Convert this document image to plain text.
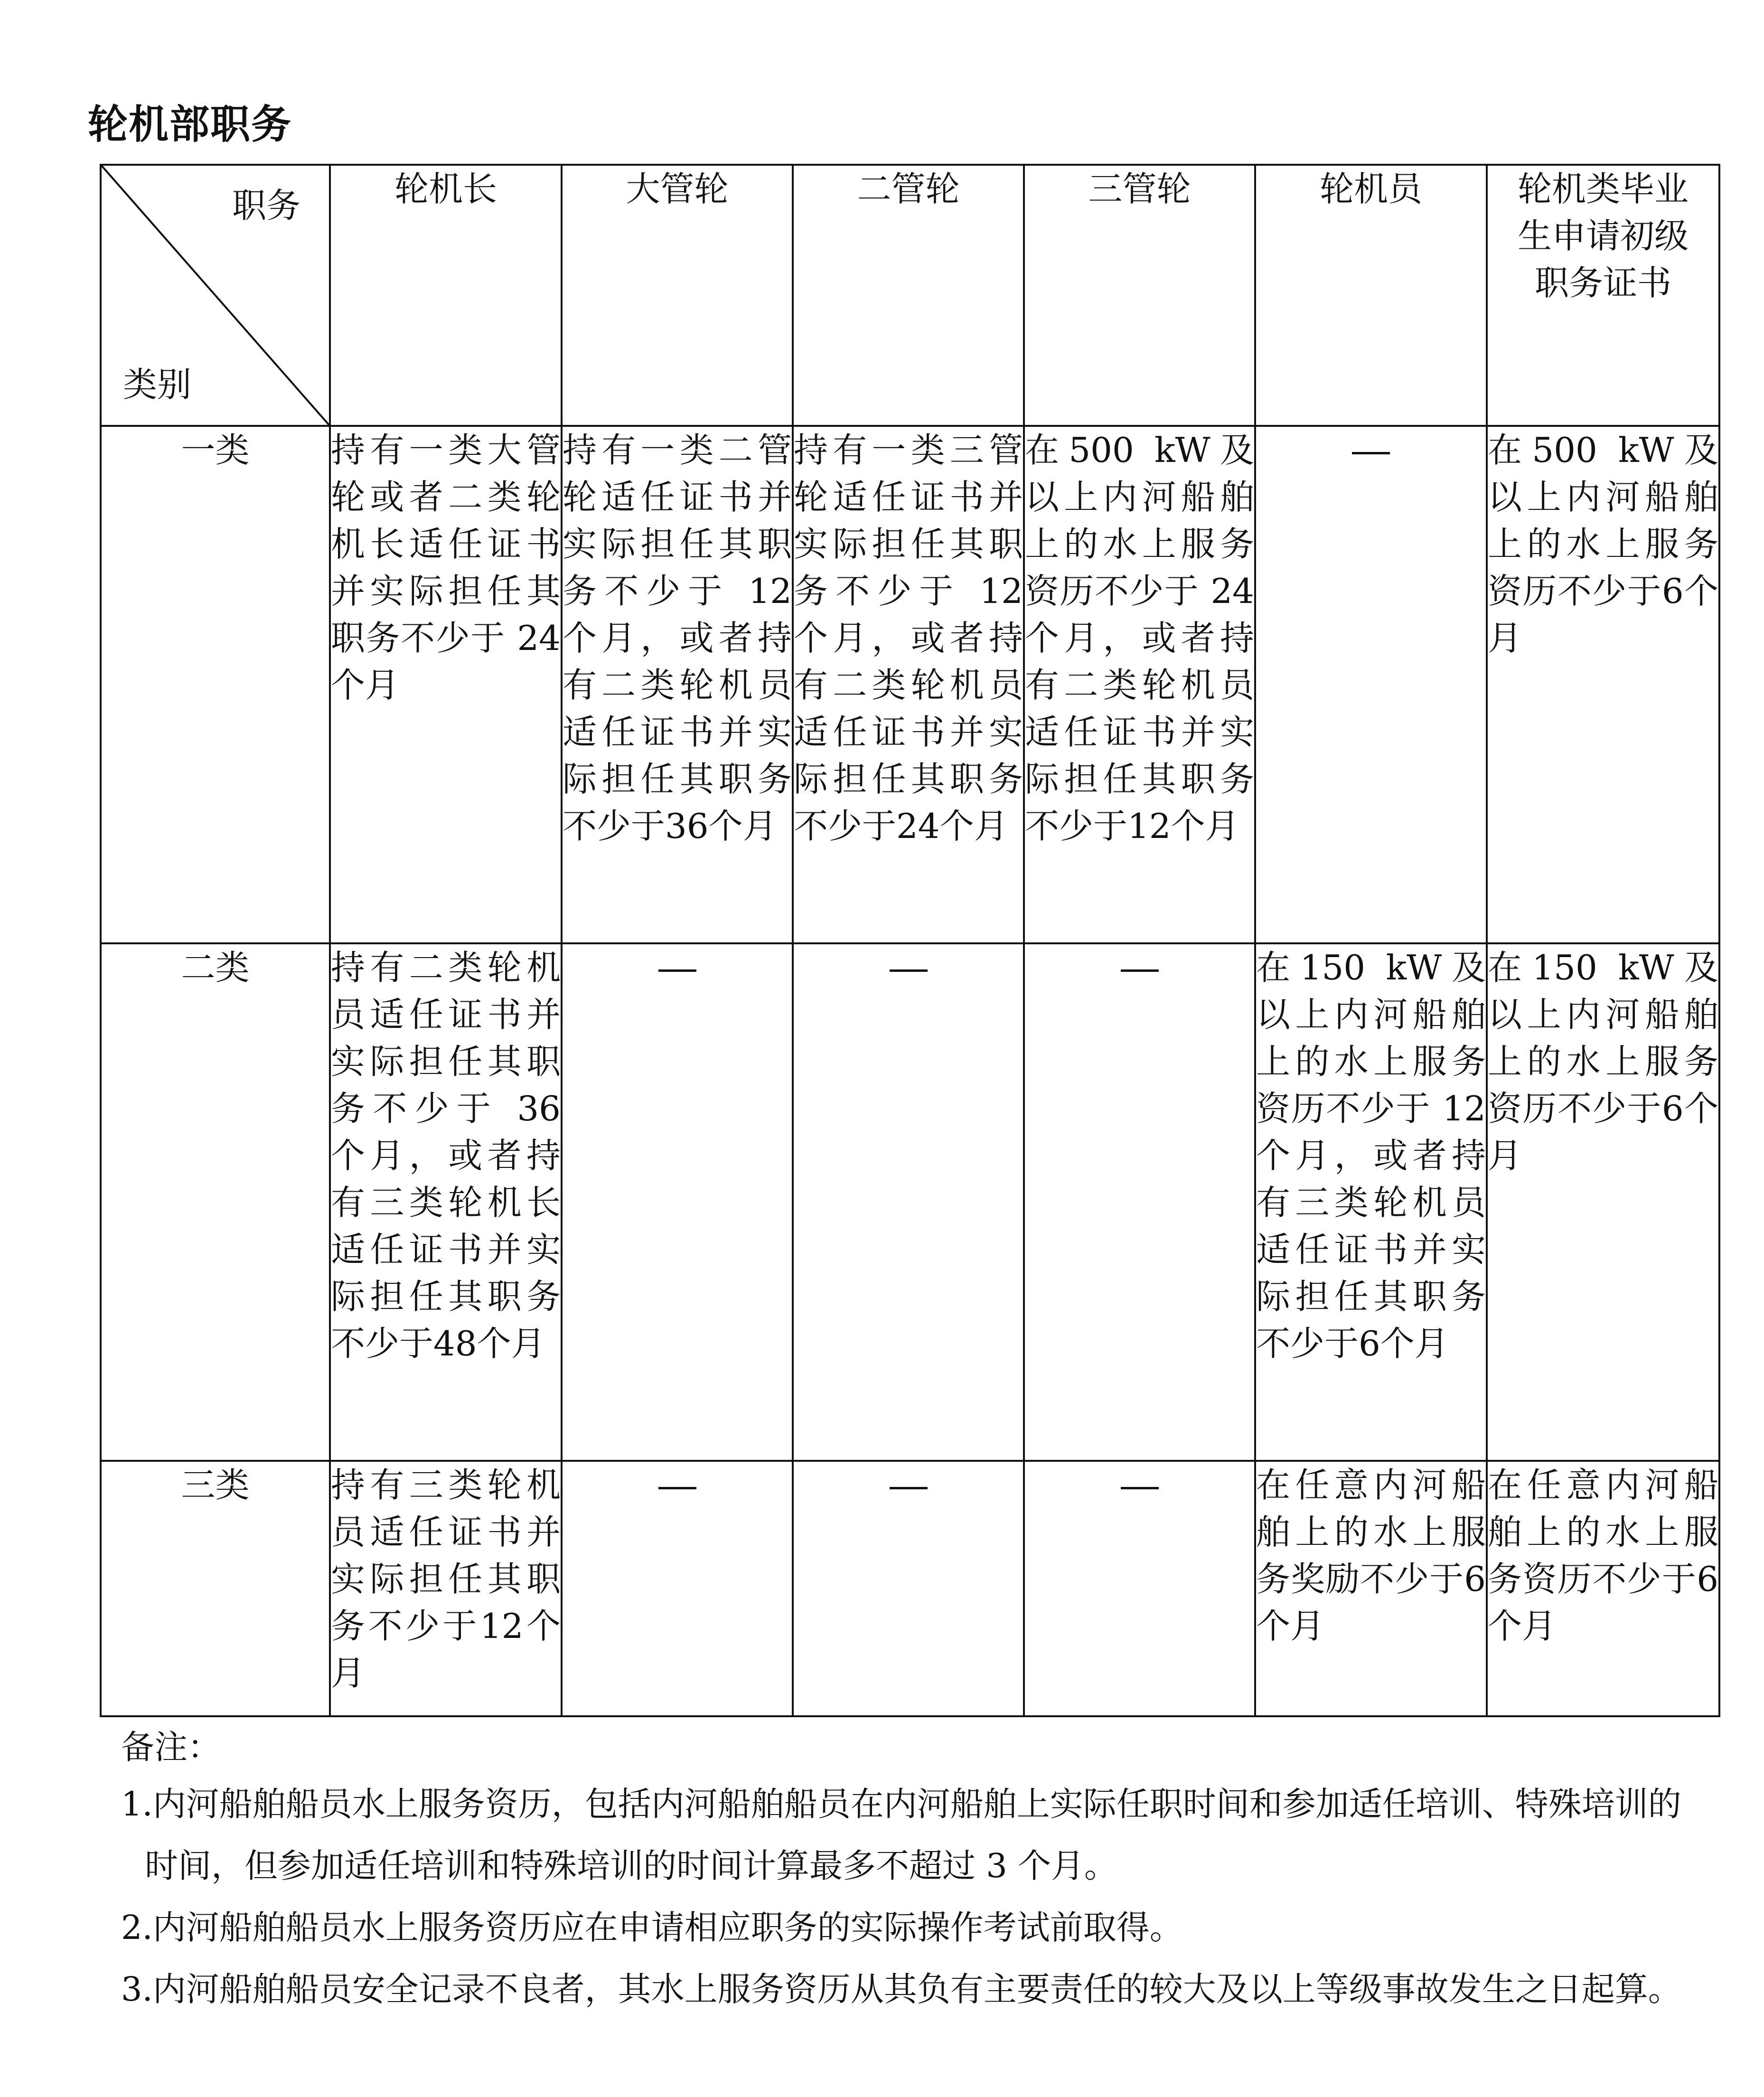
轮机部职务
职务
类别	轮机长	大管轮	二管轮	三管轮	轮机员	轮机类毕业生申请初级职务证书
一类	持有一类大管轮或者二类轮机长适任证书并实际担任其职务不少于 24 个月	持有一类二管轮适任证书并实际担任其职务不少于 12 个月，或者持有二类轮机员适任证书并实际担任其职务不少于36个月	持有一类三管轮适任证书并实际担任其职务不少于 12 个月，或者持有二类轮机员适任证书并实际担任其职务不少于24个月	在500 kW及以上内河船舶上的水上服务资历不少于 24 个月，或者持有二类轮机员适任证书并实际担任其职务不少于12个月		在500 kW及以上内河船舶上的水上服务资历不少于6个月
二类	持有二类轮机员适任证书并实际担任其职务不少于 36 个月，或者持有三类轮机长适任证书并实际担任其职务不少于48个月				在150 kW及以上内河船舶上的水上服务资历不少于 12 个月，或者持有三类轮机员适任证书并实际担任其职务不少于6个月	在150 kW及以上内河船舶上的水上服务资历不少于6个月
三类	持有三类轮机员适任证书并实际担任其职务不少于12个月				在任意内河船舶上的水上服务奖励不少于6个月	在任意内河船舶上的水上服务资历不少于6个月
备注：
1.内河船舶船员水上服务资历，包括内河船舶船员在内河船舶上实际任职时间和参加适任培训、特殊培训的时间，但参加适任培训和特殊培训的时间计算最多不超过 3 个月。
2.内河船舶船员水上服务资历应在申请相应职务的实际操作考试前取得。
3.内河船舶船员安全记录不良者，其水上服务资历从其负有主要责任的较大及以上等级事故发生之日起算。
